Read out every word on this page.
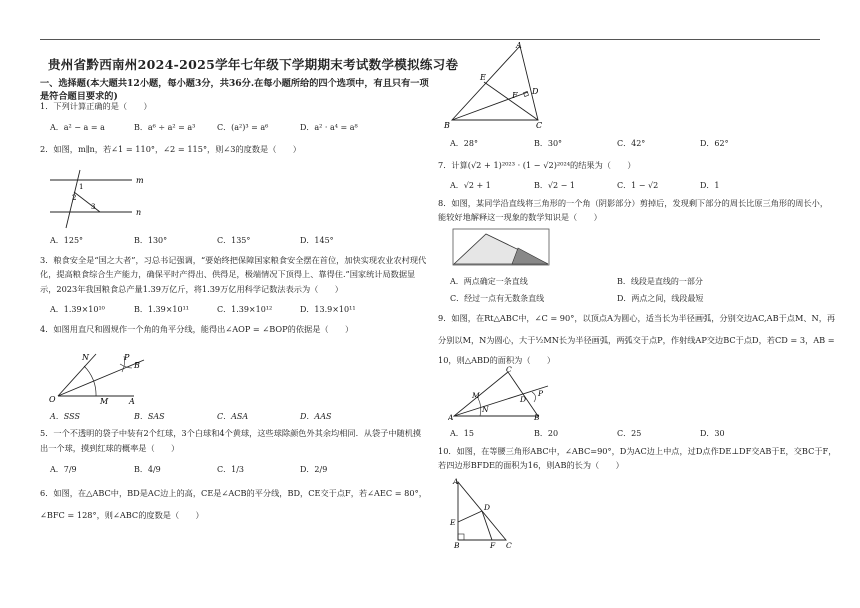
贵州省黔西南州2024-2025学年七年级下学期期末考试数学模拟练习卷
一、选择题(本大题共12小题，每小题3分，共36分.在每小题所给的四个选项中，有且只有一项
是符合题目要求的)
1．下列计算正确的是（　　）
A．a² − a = a	B．a⁶ ÷ a² = a³	C．(a²)³ = a⁶	D．a² · a⁴ = a⁸
2．如图，m∥n，若∠1 = 110°，∠2 = 115°，则∠3的度数是（　　）
m
n
1
2
3
A．125°	B．130°	C．135°	D．145°
3．粮食安全是“国之大者”，习总书记强调，“要始终把保障国家粮食安全摆在首位，加快实现农业农村现代
化，提高粮食综合生产能力，确保平时产得出、供得足，极端情况下顶得上、靠得住.”国家统计局数据显
示，2023年我国粮食总产量1.39万亿斤，将1.39万亿用科学记数法表示为（　　）
A．1.39×10¹⁰	B．1.39×10¹¹	C．1.39×10¹²	D．13.9×10¹¹
4．如图用直尺和圆规作一个角的角平分线，能得出∠AOP = ∠BOP的依据是（　　）
N	P
B
O	M	A
A．SSS	B．SAS	C．ASA	D．AAS
5．一个不透明的袋子中装有2个红球，3个白球和4个黄球，这些球除颜色外其余均相同．从袋子中随机摸
出一个球，摸到红球的概率是（　　）
A．7/9	B．4/9	C．1/3	D．2/9
6．如图，在△ABC中，BD是AC边上的高，CE是∠ACB的平分线，BD，CE交于点F，若∠AEC = 80°，
∠BFC = 128°，则∠ABC的度数是（　　）
A
E
F D
B	C
A．28°	B．30°	C．42°	D．62°
7．计算(√2 + 1)²⁰²³ · (1 − √2)²⁰²⁴的结果为（　　）
A．√2 + 1	B．√2 − 1	C．1 − √2	D．1
8．如图，某同学沿直线将三角形的一个角（阴影部分）剪掉后，发现剩下部分的周长比原三角形的周长小，
能较好地解释这一现象的数学知识是（　　）
A．两点确定一条直线	B．线段是直线的一部分
C．经过一点有无数条直线	D．两点之间，线段最短
9．如图，在Rt△ABC中，∠C = 90°，以顶点A为圆心，适当长为半径画弧，分别交边AC,AB于点M、N，再
分别以M，N为圆心，大于½MN长为半径画弧，两弧交于点P，作射线AP交边BC于点D，若CD = 3，AB =
10，则△ABD的面积为（　　）
C
M
N
D
P
A	B
A．15	B．20	C．25	D．30
10．如图，在等腰三角形ABC中，∠ABC=90°，D为AC边上中点，过D点作DE⊥DF交AB于E，交BC于F，
若四边形BFDE的面积为16，则AB的长为（　　）
A
D
E
B	F C
